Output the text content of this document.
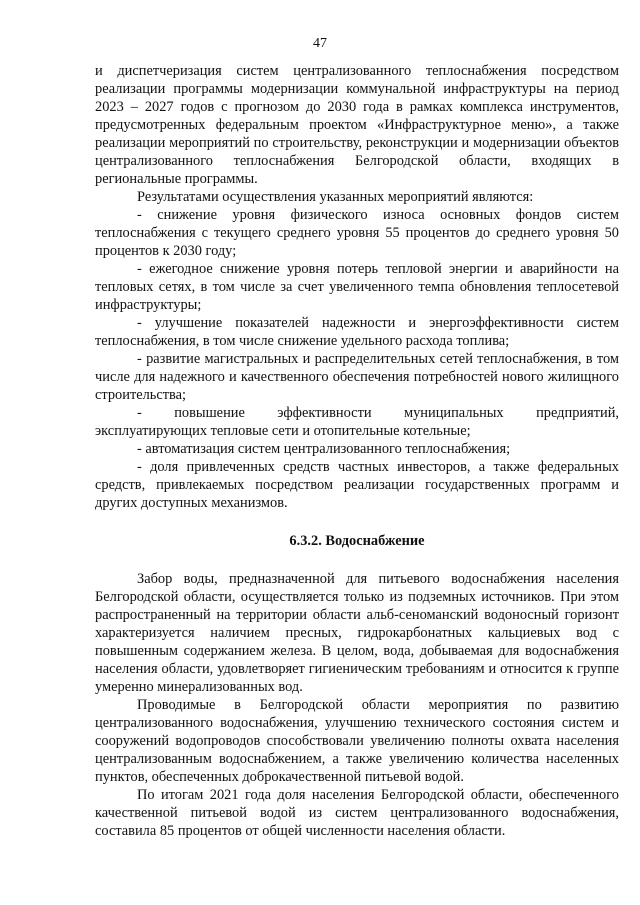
47

и диспетчеризация систем централизованного теплоснабжения посредством реализации программы модернизации коммунальной инфраструктуры на период 2023 – 2027 годов с прогнозом до 2030 года в рамках комплекса инструментов, предусмотренных федеральным проектом «Инфраструктурное меню», а также реализации мероприятий по строительству, реконструкции и модернизации объектов централизованного теплоснабжения Белгородской области, входящих в региональные программы.

Результатами осуществления указанных мероприятий являются:

- снижение уровня физического износа основных фондов систем теплоснабжения с текущего среднего уровня 55 процентов до среднего уровня 50 процентов к 2030 году;

- ежегодное снижение уровня потерь тепловой энергии и аварийности на тепловых сетях, в том числе за счет увеличенного темпа обновления теплосетевой инфраструктуры;

- улучшение показателей надежности и энергоэффективности систем теплоснабжения, в том числе снижение удельного расхода топлива;

- развитие магистральных и распределительных сетей теплоснабжения, в том числе для надежного и качественного обеспечения потребностей нового жилищного строительства;

- повышение эффективности муниципальных предприятий,

эксплуатирующих тепловые сети и отопительные котельные;

- автоматизация систем централизованного теплоснабжения;

- доля привлеченных средств частных инвесторов, а также федеральных средств, привлекаемых посредством реализации государственных программ и других доступных механизмов.

6.3.2. Водоснабжение

Забор воды, предназначенной для питьевого водоснабжения населения Белгородской области, осуществляется только из подземных источников. При этом распространенный на территории области альб-сеноманский водоносный горизонт характеризуется наличием пресных, гидрокарбонатных кальциевых вод с повышенным содержанием железа. В целом, вода, добываемая для водоснабжения населения области, удовлетворяет гигиеническим требованиям и относится к группе умеренно минерализованных вод.

Проводимые в Белгородской области мероприятия по развитию централизованного водоснабжения, улучшению технического состояния систем и сооружений водопроводов способствовали увеличению полноты охвата населения централизованным водоснабжением, а также увеличению количества населенных пунктов, обеспеченных доброкачественной питьевой водой.

По итогам 2021 года доля населения Белгородской области, обеспеченного качественной питьевой водой из систем централизованного водоснабжения, составила 85 процентов от общей численности населения области.
